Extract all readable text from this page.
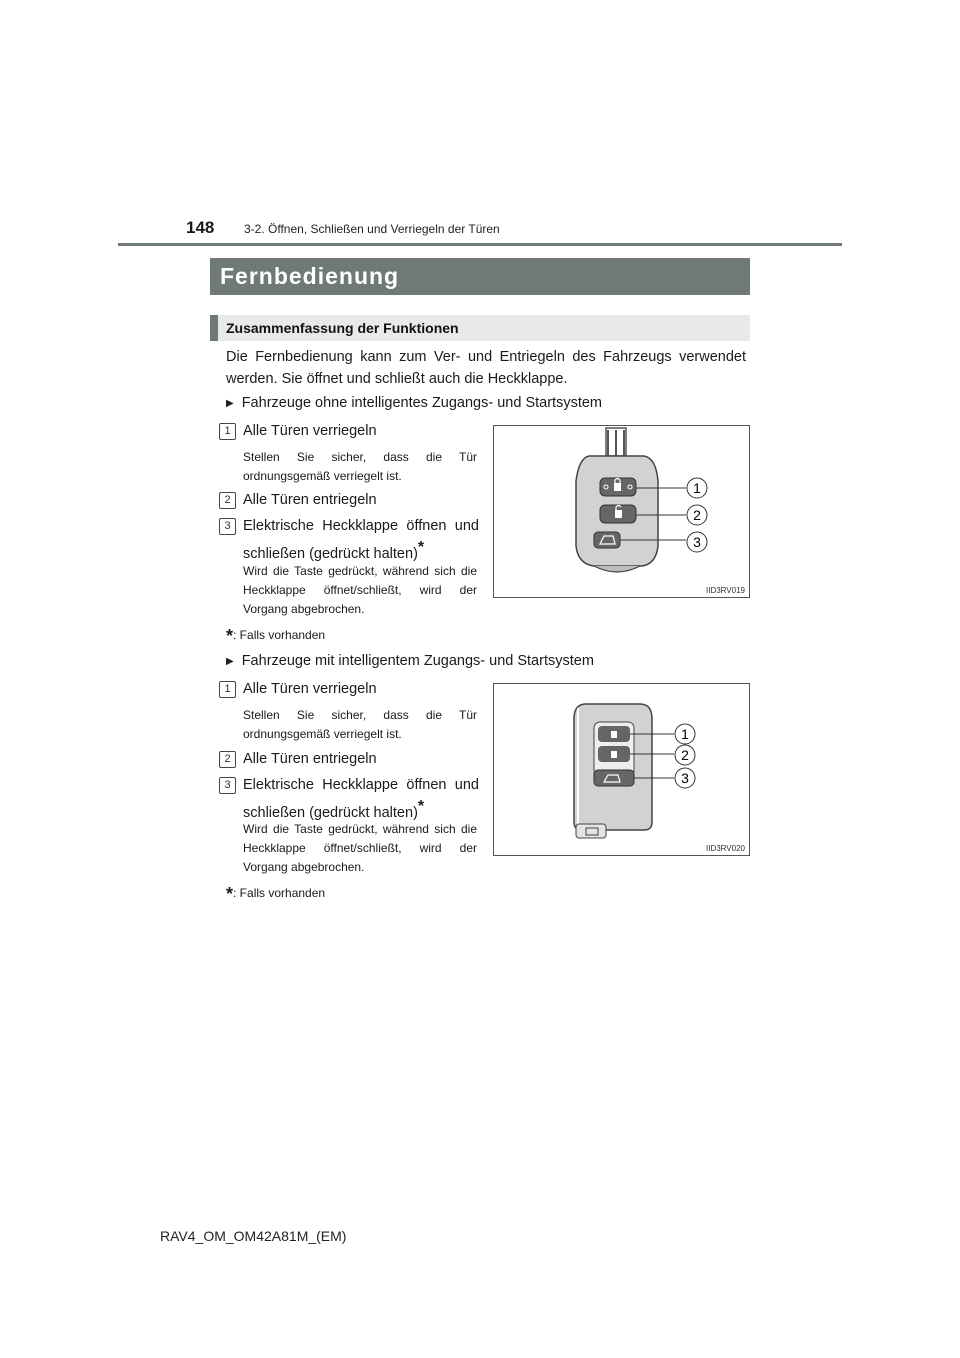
148 3-2. Öffnen, Schließen und Verriegeln der Türen
Fernbedienung
Zusammenfassung der Funktionen
Die Fernbedienung kann zum Ver- und Entriegeln des Fahrzeugs verwendet werden. Sie öffnet und schließt auch die Heckklappe.
▶ Fahrzeuge ohne intelligentes Zugangs- und Startsystem
1 Alle Türen verriegeln
Stellen Sie sicher, dass die Tür ordnungsgemäß verriegelt ist.
2 Alle Türen entriegeln
3 Elektrische Heckklappe öffnen und schließen (gedrückt halten)*
Wird die Taste gedrückt, während sich die Heckklappe öffnet/schließt, wird der Vorgang abgebrochen.
*: Falls vorhanden
1
2
3
IID3RV019
▶ Fahrzeuge mit intelligentem Zugangs- und Startsystem
1 Alle Türen verriegeln
Stellen Sie sicher, dass die Tür ordnungsgemäß verriegelt ist.
2 Alle Türen entriegeln
3 Elektrische Heckklappe öffnen und schließen (gedrückt halten)*
Wird die Taste gedrückt, während sich die Heckklappe öffnet/schließt, wird der Vorgang abgebrochen.
*: Falls vorhanden
1
2
3
IID3RV020
RAV4_OM_OM42A81M_(EM)
